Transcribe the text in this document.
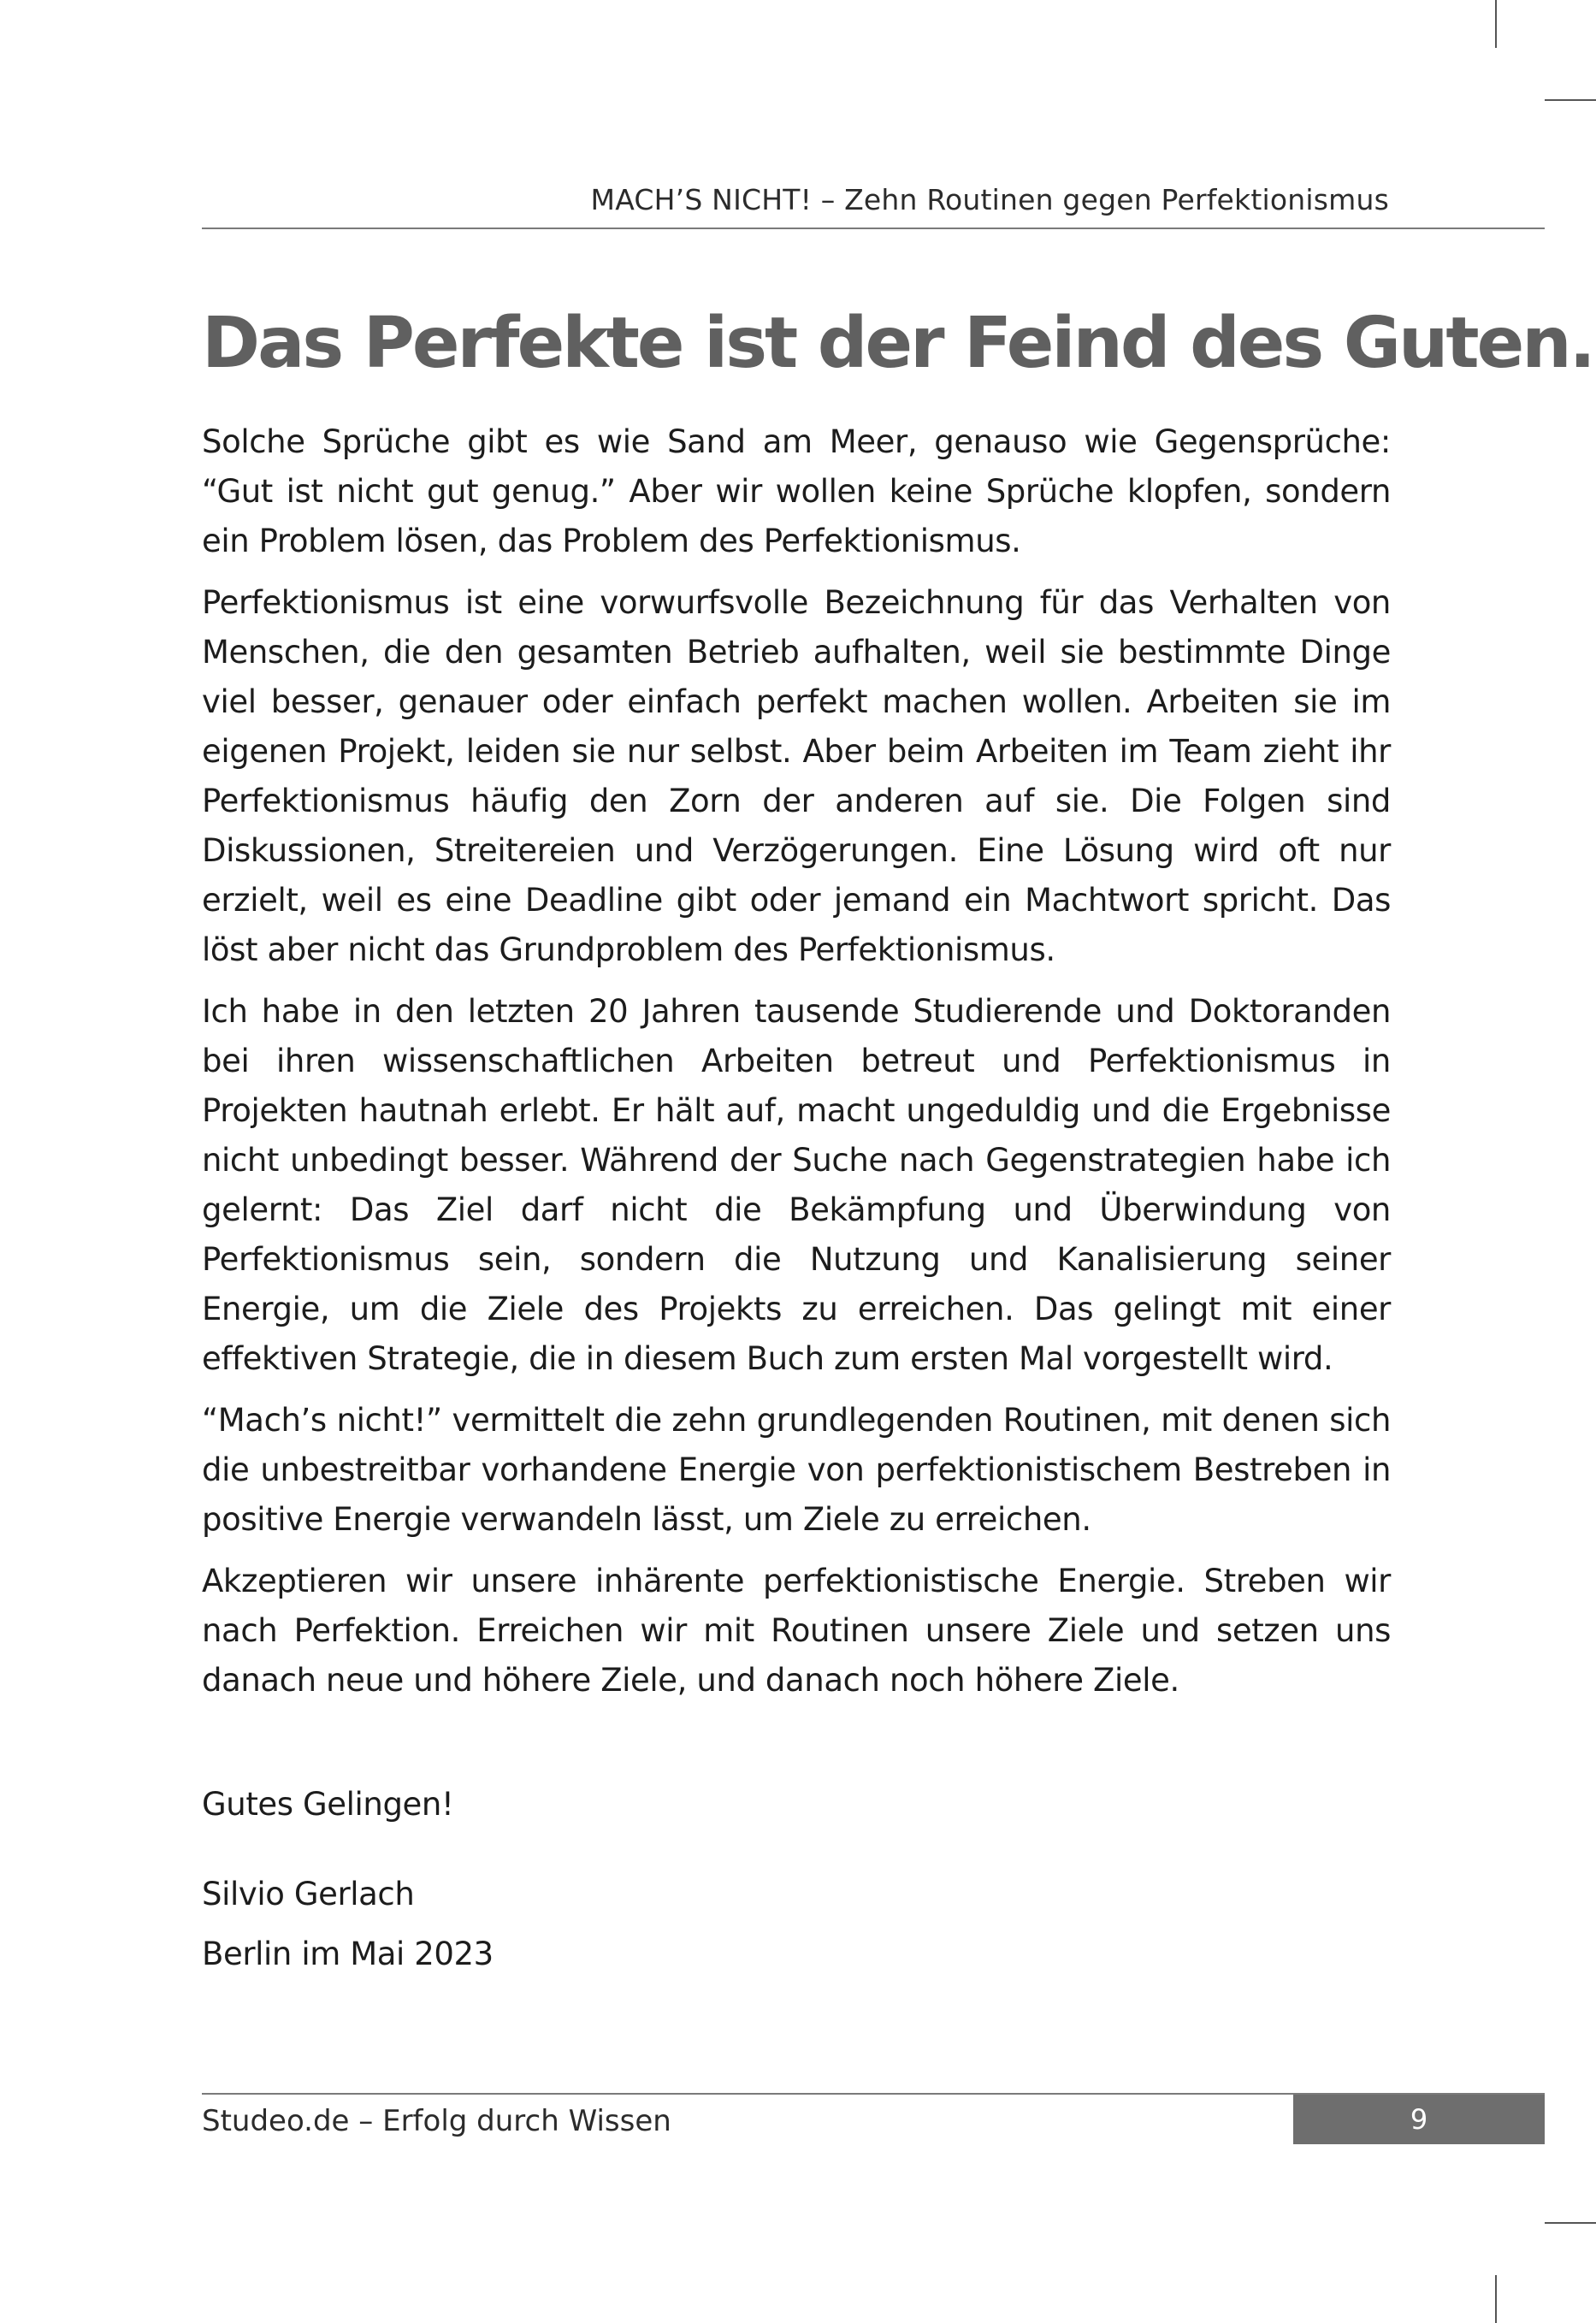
MACH’S NICHT! – Zehn Routinen gegen Perfektionismus
Das Perfekte ist der Feind des Guten.

Solche Sprüche gibt es wie Sand am Meer, genauso wie Gegensprüche: “Gut ist nicht gut genug.” Aber wir wollen keine Sprüche klopfen, sondern ein Problem lösen, das Problem des Perfektionismus.

Perfektionismus ist eine vorwurfsvolle Bezeichnung für das Verhalten von Menschen, die den gesamten Betrieb aufhalten, weil sie bestimmte Dinge viel besser, genauer oder einfach perfekt machen wollen. Arbeiten sie im eigenen Projekt, leiden sie nur selbst. Aber beim Arbeiten im Team zieht ihr Perfektionismus häufig den Zorn der anderen auf sie. Die Folgen sind Diskussionen, Streitereien und Verzögerungen. Eine Lösung wird oft nur erzielt, weil es eine Deadline gibt oder jemand ein Machtwort spricht. Das löst aber nicht das Grundproblem des Perfektionismus.

Ich habe in den letzten 20 Jahren tausende Studierende und Doktoranden bei ihren wissenschaftlichen Arbeiten betreut und Perfektionismus in Projekten hautnah erlebt. Er hält auf, macht ungeduldig und die Ergebnisse nicht unbedingt besser. Während der Suche nach Gegenstrategien habe ich gelernt: Das Ziel darf nicht die Bekämpfung und Überwindung von Perfektionismus sein, sondern die Nutzung und Kanalisierung seiner Energie, um die Ziele des Projekts zu erreichen. Das gelingt mit einer effektiven Strategie, die in diesem Buch zum ersten Mal vorgestellt wird.

“Mach’s nicht!” vermittelt die zehn grundlegenden Routinen, mit denen sich die unbestreitbar vorhandene Energie von perfektionistischem Bestreben in positive Energie verwandeln lässt, um Ziele zu erreichen.

Akzeptieren wir unsere inhärente perfektionistische Energie. Streben wir nach Perfektion. Erreichen wir mit Routinen unsere Ziele und setzen uns danach neue und höhere Ziele, und danach noch höhere Ziele.

Gutes Gelingen!
Silvio Gerlach
Berlin im Mai 2023
Studeo.de – Erfolg durch Wissen	9
